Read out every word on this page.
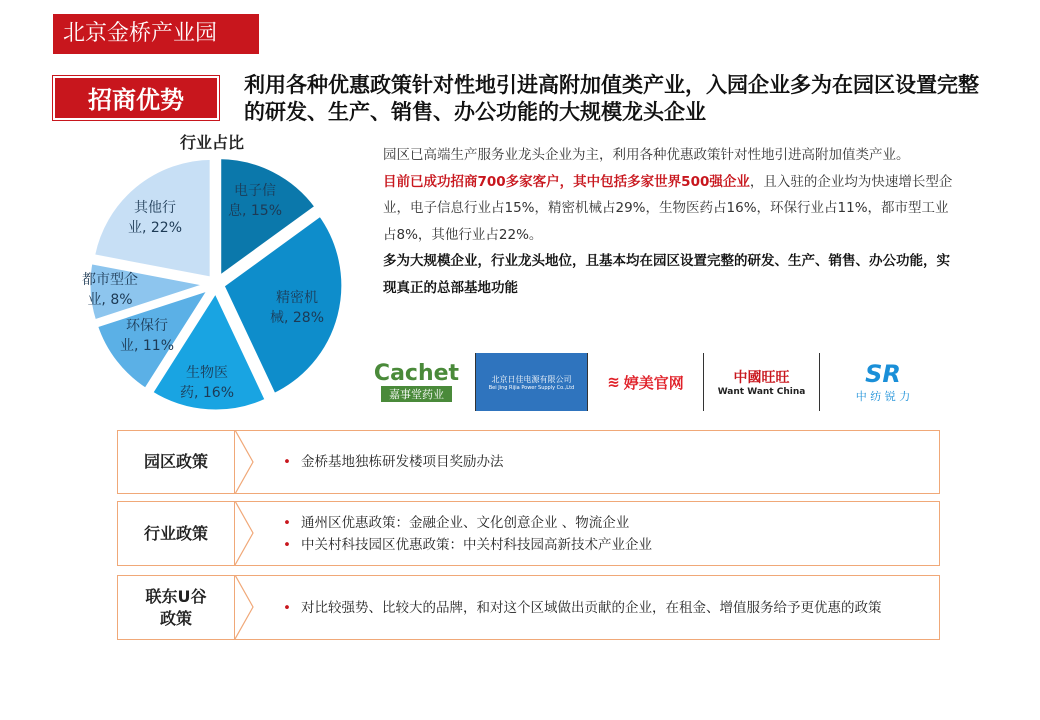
北京金桥产业园
招商优势
利用各种优惠政策针对性地引进高附加值类产业，入园企业多为在园区设置完整的研发、生产、销售、办公功能的大规模龙头企业
行业占比
电子信
息, 15%
精密机
械, 28%
生物医
药, 16%
环保行
业, 11%
都市型企
业, 8%
其他行
业, 22%
园区已高端生产服务业龙头企业为主，利用各种优惠政策针对性地引进高附加值类产业。
目前已成功招商700多家客户，其中包括多家世界500强企业，且入驻的企业均为快速增长型企业，电子信息行业占15%，精密机械占29%，生物医药占16%，环保行业占11%，都市型工业占8%，其他行业占22%。
多为大规模企业，行业龙头地位，且基本均在园区设置完整的研发、生产、销售、办公功能，实现真正的总部基地功能
Cachet
嘉事堂药业
北京日佳电源有限公司
Bei Jing Rijia Power Supply Co.,Ltd ≋ 婷美官网	中國旺旺
Want Want China
SR
中 纺 锐 力
• 金桥基地独栋研发楼项目奖励办法
园区政策
• 通州区优惠政策：金融企业、文化创意企业 、物流企业
• 中关村科技园区优惠政策：中关村科技园高新技术产业企业
行业政策
• 对比较强势、比较大的品牌，和对这个区域做出贡献的企业，在租金、增值服务给予更优惠的政策
联东U谷
政策
